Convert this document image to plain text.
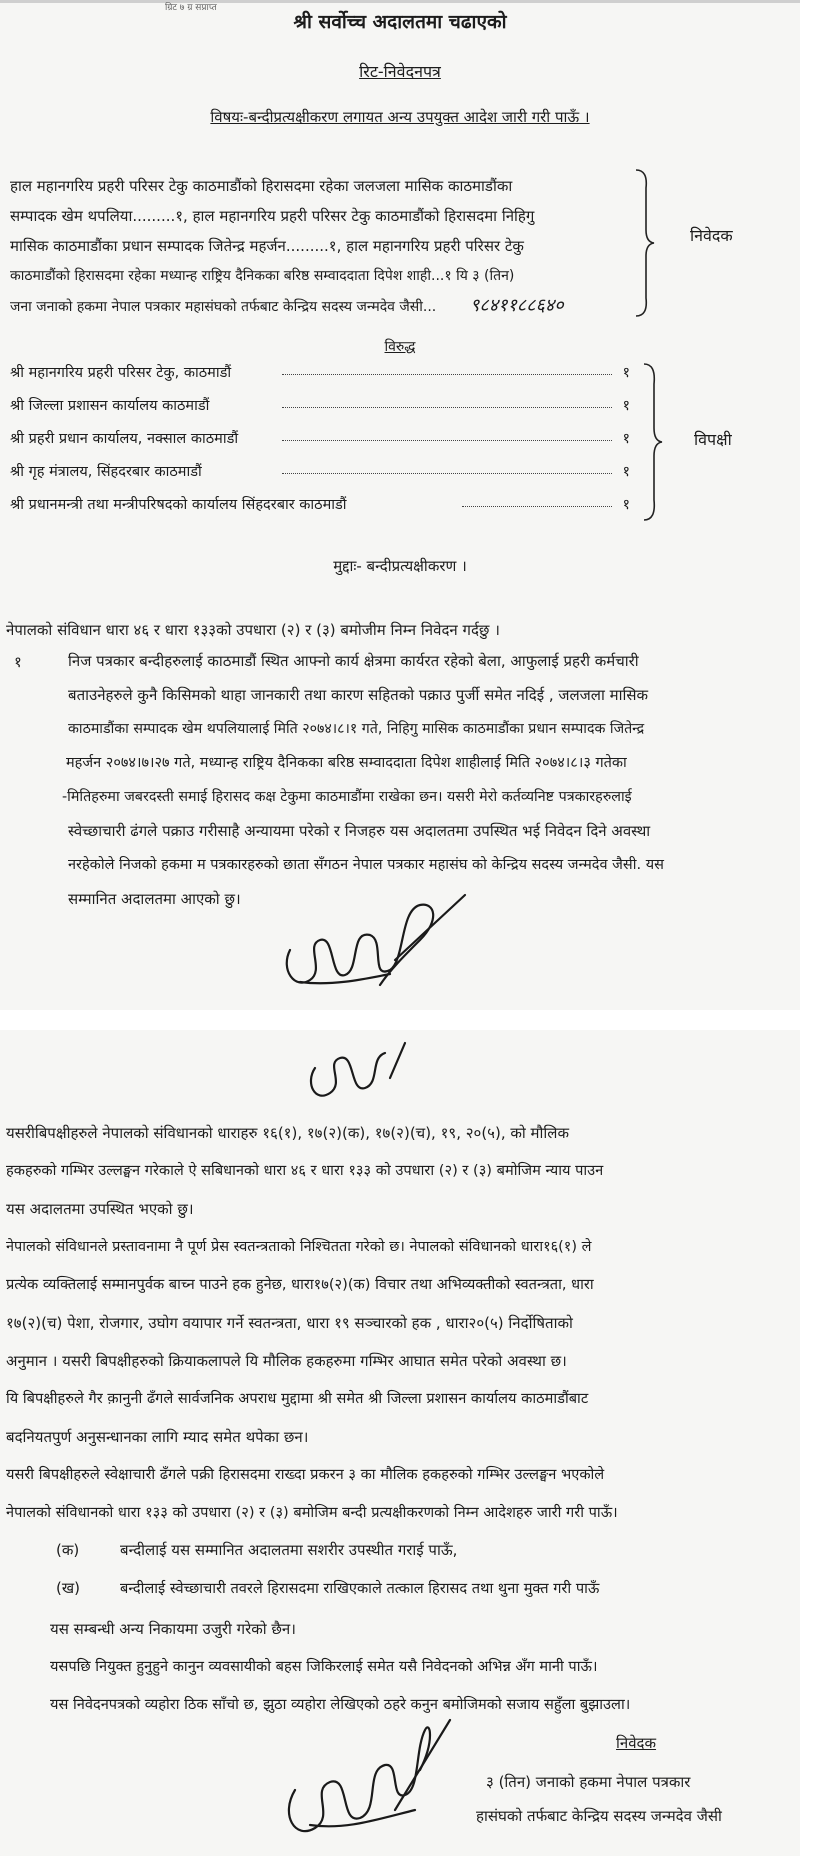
ग्रिट ७ ग्र सप्राप्त
श्री सर्वोच्च अदालतमा चढाएको
रिट-निवेदनपत्र
विषयः-बन्दीप्रत्यक्षीकरण लगायत अन्य उपयुक्त आदेश जारी गरी पाऊँ ।
हाल महानगरिय प्रहरी परिसर टेकु काठमाडौंको हिरासदमा रहेका जलजला मासिक काठमाडौंका
सम्पादक खेम थपलिया.........१, हाल महानगरिय प्रहरी परिसर टेकु काठमाडौंको हिरासदमा निहिगु
मासिक काठमाडौंका प्रधान सम्पादक जितेन्द्र महर्जन.........१, हाल महानगरिय प्रहरी परिसर टेकु
काठमाडौंको हिरासदमा रहेका मध्यान्ह राष्ट्रिय दैनिकका बरिष्ठ सम्वाददाता दिपेश शाही...१ यि ३ (तिन)
जना जनाको हकमा नेपाल पत्रकार महासंघको तर्फबाट केन्द्रिय सदस्य जन्मदेव जैसी... ९८४११८८६४०
निवेदक
विरुद्ध
श्री महानगरिय प्रहरी परिसर टेकु, काठमाडौं	१
श्री जिल्ला प्रशासन कार्यालय काठमाडौं	१
श्री प्रहरी प्रधान कार्यालय, नक्साल काठमाडौं	१
श्री गृह मंत्रालय, सिंहदरबार काठमाडौं	१
श्री प्रधानमन्त्री तथा मन्त्रीपरिषदको कार्यालय सिंहदरबार काठमाडौं	१
विपक्षी
मुद्दाः- बन्दीप्रत्यक्षीकरण ।
नेपालको संविधान धारा ४६ र धारा १३३को उपधारा (२) र (३) बमोजीम निम्न निवेदन गर्दछु ।
१	निज पत्रकार बन्दीहरुलाई काठमाडौं स्थित आफ्नो कार्य क्षेत्रमा कार्यरत रहेको बेला, आफुलाई प्रहरी कर्मचारी
बताउनेहरुले कुनै किसिमको थाहा जानकारी तथा कारण सहितको पक्राउ पुर्जी समेत नदिई , जलजला मासिक
काठमाडौंका सम्पादक खेम थपलियालाई मिति २०७४।८।१ गते, निहिगु मासिक काठमाडौंका प्रधान सम्पादक जितेन्द्र
महर्जन २०७४।७।२७ गते, मध्यान्ह राष्ट्रिय दैनिकका बरिष्ठ सम्वाददाता दिपेश शाहीलाई मिति २०७४।८।३ गतेका
-मितिहरुमा जबरदस्ती समाई हिरासद कक्ष टेकुमा काठमाडौंमा राखेका छन। यसरी मेरो कर्तव्यनिष्ट पत्रकारहरुलाई
स्वेच्छाचारी ढंगले पक्राउ गरीसाहै अन्यायमा परेको र निजहरु यस अदालतमा उपस्थित भई निवेदन दिने अवस्था
नरहेकोले निजको हकमा म पत्रकारहरुको छाता सँगठन नेपाल पत्रकार महासंघ को केन्द्रिय सदस्य जन्मदेव जैसी. यस
सम्मानित अदालतमा आएको छु।
यसरीबिपक्षीहरुले नेपालको संविधानको धाराहरु १६(१), १७(२)(क), १७(२)(च), १९, २०(५), को मौलिक
हकहरुको गम्भिर उल्लङ्घन गरेकाले ऐ सबिधानको धारा ४६ र धारा १३३ को उपधारा (२) र (३) बमोजिम न्याय पाउन
यस अदालतमा उपस्थित भएको छु।
नेपालको संविधानले प्रस्तावनामा नै पूर्ण प्रेस स्वतन्त्रताको निश्चितता गरेको छ। नेपालको संविधानको धारा१६(१) ले
प्रत्येक व्यक्तिलाई सम्मानपुर्वक बाच्न पाउने हक हुनेछ, धारा१७(२)(क) विचार तथा अभिव्यक्तीको स्वतन्त्रता, धारा
१७(२)(च) पेशा, रोजगार, उघोग वयापार गर्ने स्वतन्त्रता, धारा १९ सञ्चारको हक , धारा२०(५) निर्दोषिताको
अनुमान । यसरी बिपक्षीहरुको क्रियाकलापले यि मौलिक हकहरुमा गम्भिर आघात समेत परेको अवस्था छ।
यि बिपक्षीहरुले गैर क़ानुनी ढँगले सार्वजनिक अपराध मुद्दामा श्री समेत श्री जिल्ला प्रशासन कार्यालय काठमाडौंबाट
बदनियतपुर्ण अनुसन्धानका लागि म्याद समेत थपेका छन।
यसरी बिपक्षीहरुले स्वेक्षाचारी ढँगले पक्री हिरासदमा राख्दा प्रकरन ३ का मौलिक हकहरुको गम्भिर उल्लङ्घन भएकोले
नेपालको संविधानको धारा १३३ को उपधारा (२) र (३) बमोजिम बन्दी प्रत्यक्षीकरणको निम्न आदेशहरु जारी गरी पाऊँ।
(क)	बन्दीलाई यस सम्मानित अदालतमा सशरीर उपस्थीत गराई पाऊँ,
(ख)	बन्दीलाई स्वेच्छाचारी तवरले हिरासदमा राखिएकाले तत्काल हिरासद तथा थुना मुक्त गरी पाऊँ
यस सम्बन्धी अन्य निकायमा उजुरी गरेको छैन।
यसपछि नियुक्त हुनुहुने कानुन व्यवसायीको बहस जिकिरलाई समेत यसै निवेदनको अभिन्न अँग मानी पाऊँ।
यस निवेदनपत्रको व्यहोरा ठिक साँचो छ, झुठा व्यहोरा लेखिएको ठहरे कनुन बमोजिमको सजाय सहुँला बुझाउला।
निवेदक
३ (तिन) जनाको हकमा नेपाल पत्रकार
हासंघको तर्फबाट केन्द्रिय सदस्य जन्मदेव जैसी
